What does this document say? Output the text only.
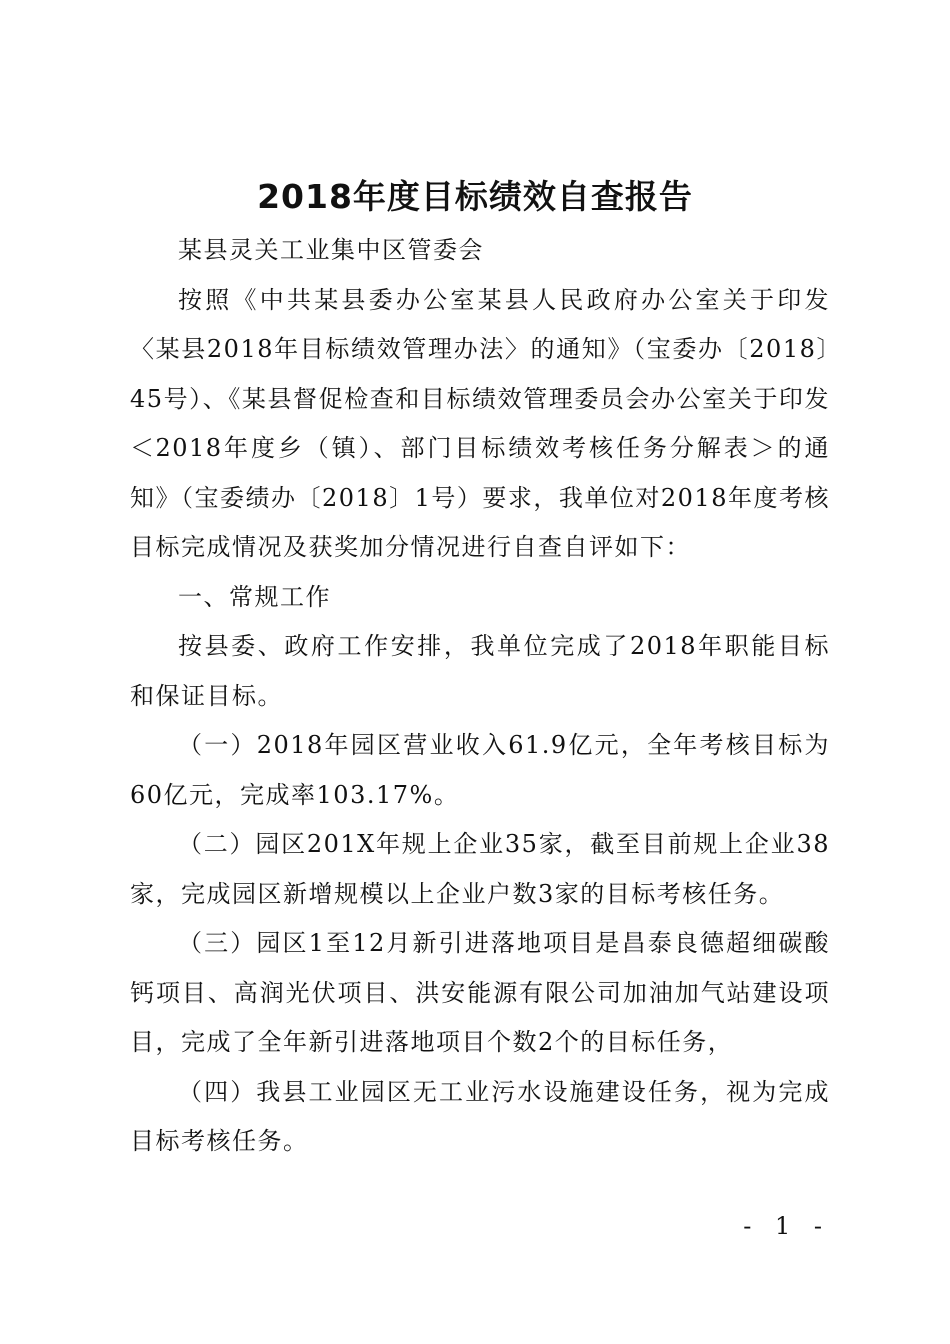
2018年度目标绩效自查报告

某县灵关工业集中区管委会

按照《中共某县委办公室某县人民政府办公室关于印发〈某县2018年目标绩效管理办法〉的通知》（宝委办〔2018〕45号）、《某县督促检查和目标绩效管理委员会办公室关于印发＜2018年度乡（镇）、部门目标绩效考核任务分解表＞的通知》（宝委绩办〔2018〕1号）要求，我单位对2018年度考核目标完成情况及获奖加分情况进行自查自评如下：

一、常规工作

按县委、政府工作安排，我单位完成了2018年职能目标和保证目标。

（一）2018年园区营业收入61.9亿元，全年考核目标为60亿元，完成率103.17%。

（二）园区201X年规上企业35家，截至目前规上企业38家，完成园区新增规模以上企业户数3家的目标考核任务。

（三）园区1至12月新引进落地项目是昌泰良德超细碳酸钙项目、高润光伏项目、洪安能源有限公司加油加气站建设项目，完成了全年新引进落地项目个数2个的目标任务，

（四）我县工业园区无工业污水设施建设任务，视为完成目标考核任务。

- 1 -
